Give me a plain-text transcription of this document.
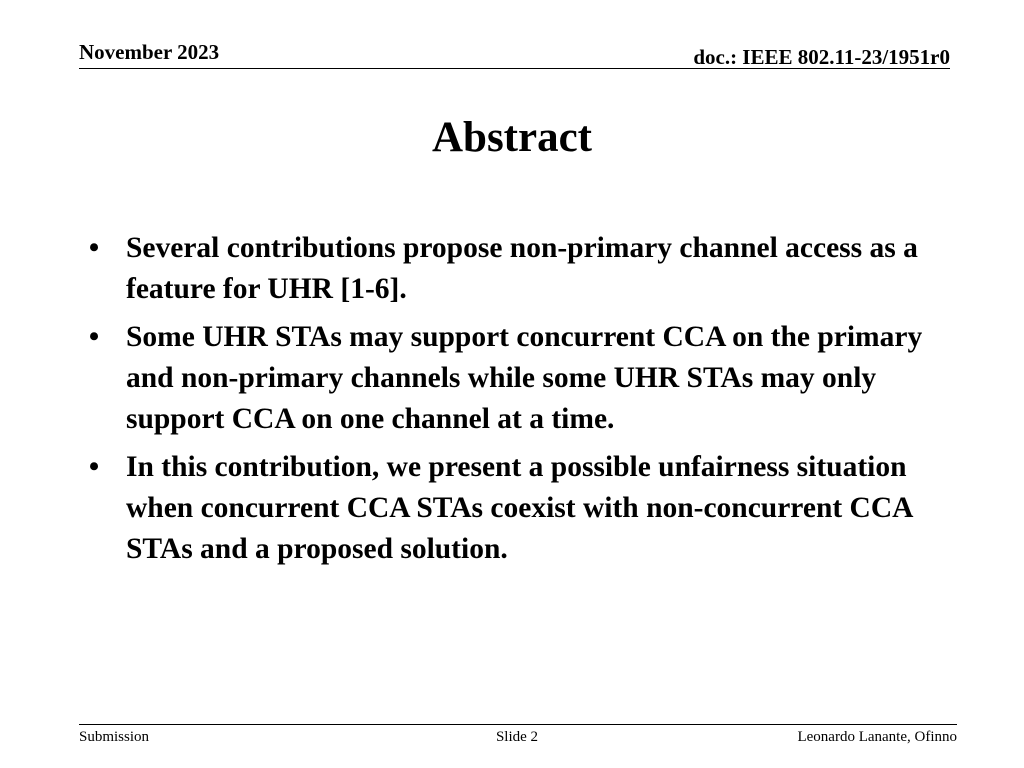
November 2023	doc.: IEEE 802.11-23/1951r0
Abstract
• Several contributions propose non-primary channel access as a feature for UHR [1-6].
• Some UHR STAs may support concurrent CCA on the primary and non-primary channels while some UHR STAs may only support CCA on one channel at a time.
• In this contribution, we present a possible unfairness situation when concurrent CCA STAs coexist with non-concurrent CCA STAs and a proposed solution.
Submission	Slide 2	Leonardo Lanante, Ofinno
